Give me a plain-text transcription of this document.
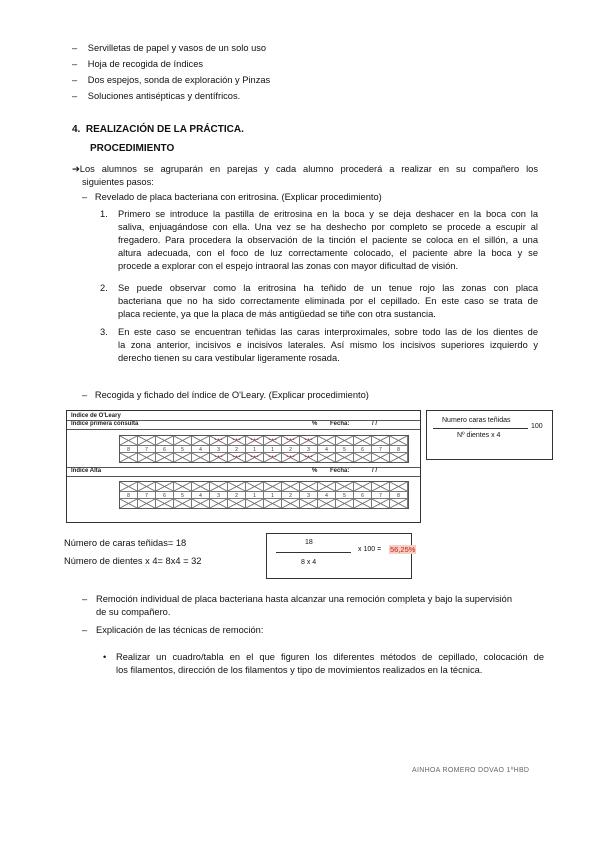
– Servilletas de papel y vasos de un solo uso
– Hoja de recogida de índices
– Dos espejos, sonda de exploración y Pinzas
– Soluciones antisépticas y dentífricos.
4. REALIZACIÓN DE LA PRÁCTICA.
PROCEDIMIENTO
➔Los alumnos se agruparán en parejas y cada alumno procederá a realizar en su compañero los
siguientes pasos:
–   Revelado de placa bacteriana con eritrosina. (Explicar procedimiento)
1. Primero se introduce la pastilla de eritrosina en la boca y se deja deshacer en la boca con la
saliva, enjuagándose con ella. Una vez se ha deshecho por completo se procede a escupir al
fregadero. Para procedera la observación de la tinción el paciente se coloca en el sillón, a una
altura adecuada, con el foco de luz correctamente colocado, el paciente abre la boca y se
procede a explorar con el espejo intraoral las zonas con mayor dificultad de visión.
2. Se puede observar como la eritrosina ha teñido de un tenue rojo las zonas con placa
bacteriana que no ha sido correctamente eliminada por el cepillado. En este caso se trata de
placa reciente, ya que la placa de más antigüedad se tiñe con otra sustancia.
3. En este caso se encuentran teñidas las caras interproximales, sobre todo las de los dientes de
la zona anterior, incisivos e incisivos laterales. Así mismo los incisivos superiores izquierdo y
derecho tienen su cara vestibular ligeramente rosada.
–   Recogida y fichado del índice de O'Leary. (Explicar procedimiento)
Indice de O'Leary
Indice primera consulta	% Fecha:	/ /
• • •	• • •	• • •	• • •	• • •	• • •
8	7	6	5	4	3	2	1	1	2	3	4	5	6	7	8
• • •	• • •	• • •	• • •	• • •	• • •
Indice Alta	% Fecha:	/ /
8	7	6	5	4	3	2	1	1	2	3	4	5	6	7	8
Numero caras teñidas
100
Nº dientes x 4
Número de caras teñidas= 18
Número de dientes x 4= 8x4 = 32
18
8 x 4
x 100 = 56,25%
– Remoción individual de placa bacteriana hasta alcanzar una remoción completa y bajo la supervisión
de su compañero.
– Explicación de las técnicas de remoción:
• Realizar un cuadro/tabla en el que figuren los diferentes métodos de cepillado, colocación de
los filamentos, dirección de los filamentos y tipo de movimientos realizados en la técnica.
AINHOA ROMERO DOVAO 1ºHBD
